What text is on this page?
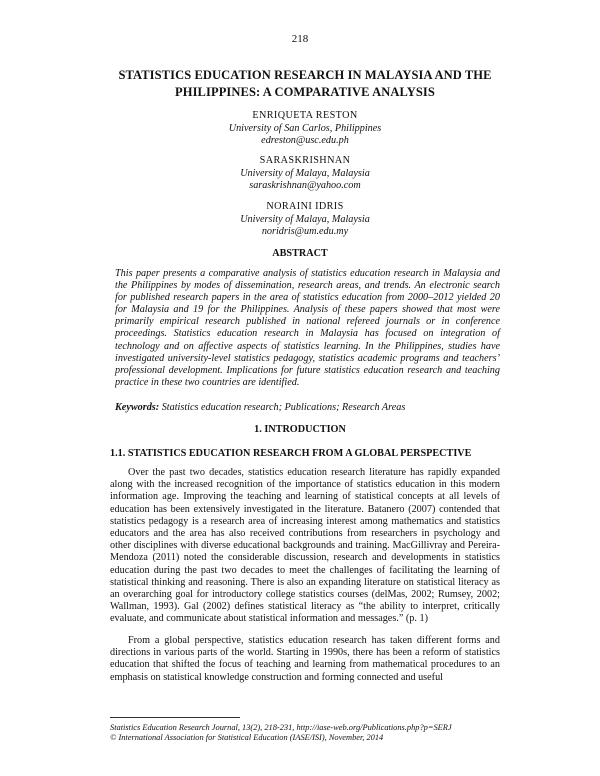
218
STATISTICS EDUCATION RESEARCH IN MALAYSIA AND THE PHILIPPINES: A COMPARATIVE ANALYSIS
ENRIQUETA RESTON
University of San Carlos, Philippines
edreston@usc.edu.ph
SARASKRISHNAN
University of Malaya, Malaysia
saraskrishnan@yahoo.com
NORAINI IDRIS
University of Malaya, Malaysia
noridris@um.edu.my
ABSTRACT
This paper presents a comparative analysis of statistics education research in Malaysia and the Philippines by modes of dissemination, research areas, and trends. An electronic search for published research papers in the area of statistics education from 2000–2012 yielded 20 for Malaysia and 19 for the Philippines. Analysis of these papers showed that most were primarily empirical research published in national refereed journals or in conference proceedings. Statistics education research in Malaysia has focused on integration of technology and on affective aspects of statistics learning. In the Philippines, studies have investigated university-level statistics pedagogy, statistics academic programs and teachers’ professional development. Implications for future statistics education research and teaching practice in these two countries are identified.
Keywords: Statistics education research; Publications; Research Areas
1. INTRODUCTION
1.1. STATISTICS EDUCATION RESEARCH FROM A GLOBAL PERSPECTIVE
Over the past two decades, statistics education research literature has rapidly expanded along with the increased recognition of the importance of statistics education in this modern information age. Improving the teaching and learning of statistical concepts at all levels of education has been extensively investigated in the literature. Batanero (2007) contended that statistics pedagogy is a research area of increasing interest among mathematics and statistics educators and the area has also received contributions from researchers in psychology and other disciplines with diverse educational backgrounds and training. MacGillivray and Pereira-Mendoza (2011) noted the considerable discussion, research and developments in statistics education during the past two decades to meet the challenges of facilitating the learning of statistical thinking and reasoning. There is also an expanding literature on statistical literacy as an overarching goal for introductory college statistics courses (delMas, 2002; Rumsey, 2002; Wallman, 1993). Gal (2002) defines statistical literacy as “the ability to interpret, critically evaluate, and communicate about statistical information and messages.” (p. 1)
From a global perspective, statistics education research has taken different forms and directions in various parts of the world. Starting in 1990s, there has been a reform of statistics education that shifted the focus of teaching and learning from mathematical procedures to an emphasis on statistical knowledge construction and forming connected and useful
Statistics Education Research Journal, 13(2), 218-231, http://iase-web.org/Publications.php?p=SERJ
© International Association for Statistical Education (IASE/ISI), November, 2014
